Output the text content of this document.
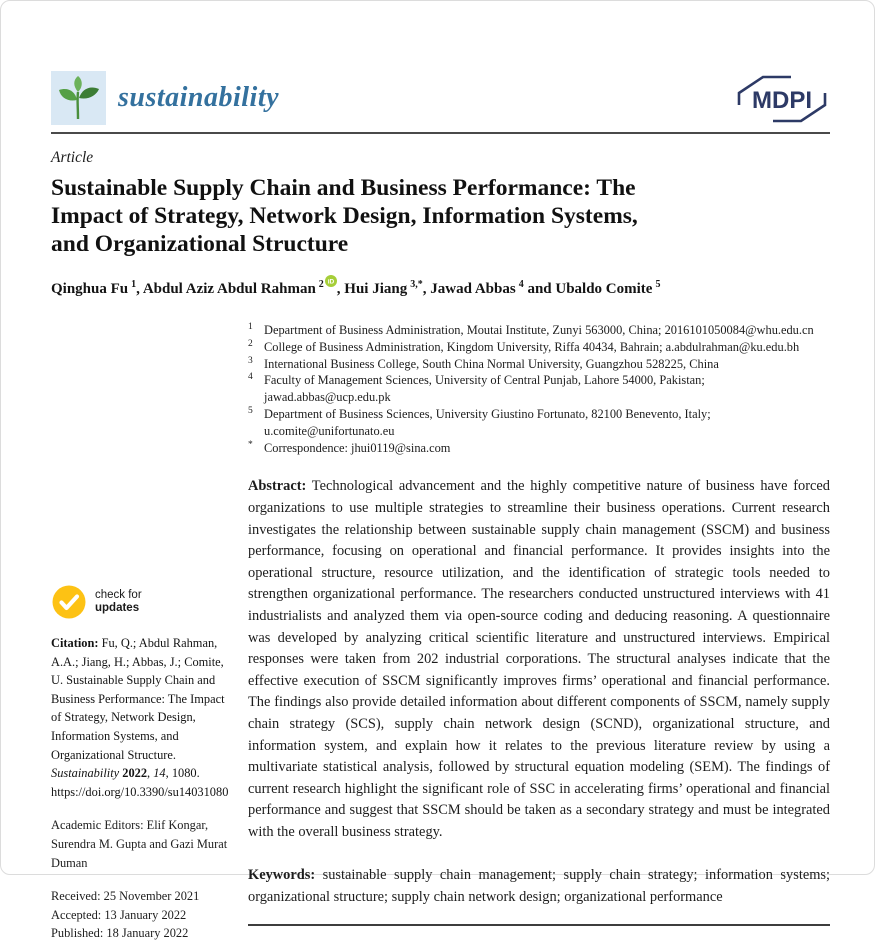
sustainability	MDPI
Article
Sustainable Supply Chain and Business Performance: The
Impact of Strategy, Network Design, Information Systems,
and Organizational Structure
Qinghua Fu $^1$, Abdul Aziz Abdul Rahman $^2$ iD , Hui Jiang $^{3,*}$, Jawad Abbas $^4$ and Ubaldo Comite $^5$
check for
updates
Citation: Fu, Q.; Abdul Rahman, A.A.; Jiang, H.; Abbas, J.; Comite, U. Sustainable Supply Chain and Business Performance: The Impact of Strategy, Network Design, Information Systems, and Organizational Structure. Sustainability 2022, 14, 1080. https://doi.org/10.3390/su14031080
Academic Editors: Elif Kongar, Surendra M. Gupta and Gazi Murat Duman
Received: 25 November 2021
Accepted: 13 January 2022
Published: 18 January 2022
1 Department of Business Administration, Moutai Institute, Zunyi 563000, China; 2016101050084@whu.edu.cn
2 College of Business Administration, Kingdom University, Riffa 40434, Bahrain; a.abdulrahman@ku.edu.bh
3 International Business College, South China Normal University, Guangzhou 528225, China
4 Faculty of Management Sciences, University of Central Punjab, Lahore 54000, Pakistan;
jawad.abbas@ucp.edu.pk
5 Department of Business Sciences, University Giustino Fortunato, 82100 Benevento, Italy;
u.comite@unifortunato.eu
* Correspondence: jhui0119@sina.com

Abstract: Technological advancement and the highly competitive nature of business have forced organizations to use multiple strategies to streamline their business operations. Current research investigates the relationship between sustainable supply chain management (SSCM) and business performance, focusing on operational and financial performance. It provides insights into the operational structure, resource utilization, and the identification of strategic tools needed to strengthen organizational performance. The researchers conducted unstructured interviews with 41 industrialists and analyzed them via open-source coding and deducing reasoning. A questionnaire was developed by analyzing critical scientific literature and unstructured interviews. Empirical responses were taken from 202 industrial corporations. The structural analyses indicate that the effective execution of SSCM significantly improves firms’ operational and financial performance. The findings also provide detailed information about different components of SSCM, namely supply chain strategy (SCS), supply chain network design (SCND), organizational structure, and information system, and explain how it relates to the previous literature review by using a multivariate statistical analysis, followed by structural equation modeling (SEM). The findings of current research highlight the significant role of SSC in accelerating firms’ operational and financial performance and suggest that SSCM should be taken as a secondary strategy and must be integrated with the overall business strategy.

Keywords: sustainable supply chain management; supply chain strategy; information systems; organizational structure; supply chain network design; organizational performance
